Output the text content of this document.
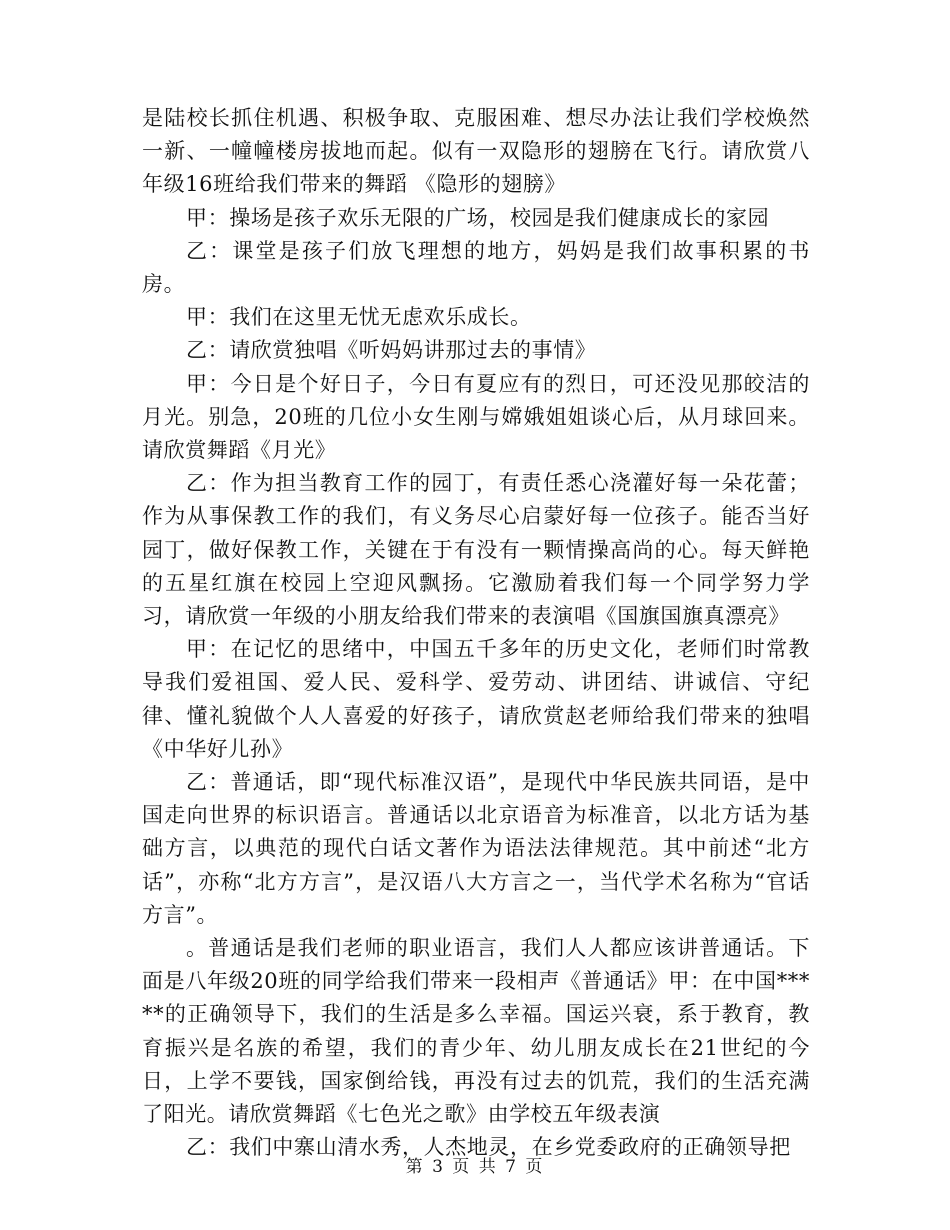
是陆校长抓住机遇、积极争取、克服困难、想尽办法让我们学校焕然一新、一幢幢楼房拔地而起。似有一双隐形的翅膀在飞行。请欣赏八年级16班给我们带来的舞蹈 《隐形的翅膀》

甲：操场是孩子欢乐无限的广场，校园是我们健康成长的家园

乙：课堂是孩子们放飞理想的地方，妈妈是我们故事积累的书房。

甲：我们在这里无忧无虑欢乐成长。

乙：请欣赏独唱《听妈妈讲那过去的事情》

甲：今日是个好日子，今日有夏应有的烈日，可还没见那皎洁的月光。别急，20班的几位小女生刚与嫦娥姐姐谈心后，从月球回来。请欣赏舞蹈《月光》

乙：作为担当教育工作的园丁，有责任悉心浇灌好每一朵花蕾；作为从事保教工作的我们，有义务尽心启蒙好每一位孩子。能否当好园丁，做好保教工作，关键在于有没有一颗情操高尚的心。每天鲜艳的五星红旗在校园上空迎风飘扬。它激励着我们每一个同学努力学习，请欣赏一年级的小朋友给我们带来的表演唱《国旗国旗真漂亮》

甲：在记忆的思绪中，中国五千多年的历史文化，老师们时常教导我们爱祖国、爱人民、爱科学、爱劳动、讲团结、讲诚信、守纪律、懂礼貌做个人人喜爱的好孩子，请欣赏赵老师给我们带来的独唱《中华好儿孙》

乙：普通话，即“现代标准汉语”，是现代中华民族共同语，是中国走向世界的标识语言。普通话以北京语音为标准音，以北方话为基础方言，以典范的现代白话文著作为语法法律规范。其中前述“北方话”，亦称“北方方言”，是汉语八大方言之一，当代学术名称为“官话方言”。

。普通话是我们老师的职业语言，我们人人都应该讲普通话。下面是八年级20班的同学给我们带来一段相声《普通话》甲：在中国*****的正确领导下，我们的生活是多么幸福。国运兴衰，系于教育，教育振兴是名族的希望，我们的青少年、幼儿朋友成长在21世纪的今日，上学不要钱，国家倒给钱，再没有过去的饥荒，我们的生活充满了阳光。请欣赏舞蹈《七色光之歌》由学校五年级表演

乙：我们中寨山清水秀，人杰地灵，在乡党委政府的正确领导把

第 3 页 共 7 页
